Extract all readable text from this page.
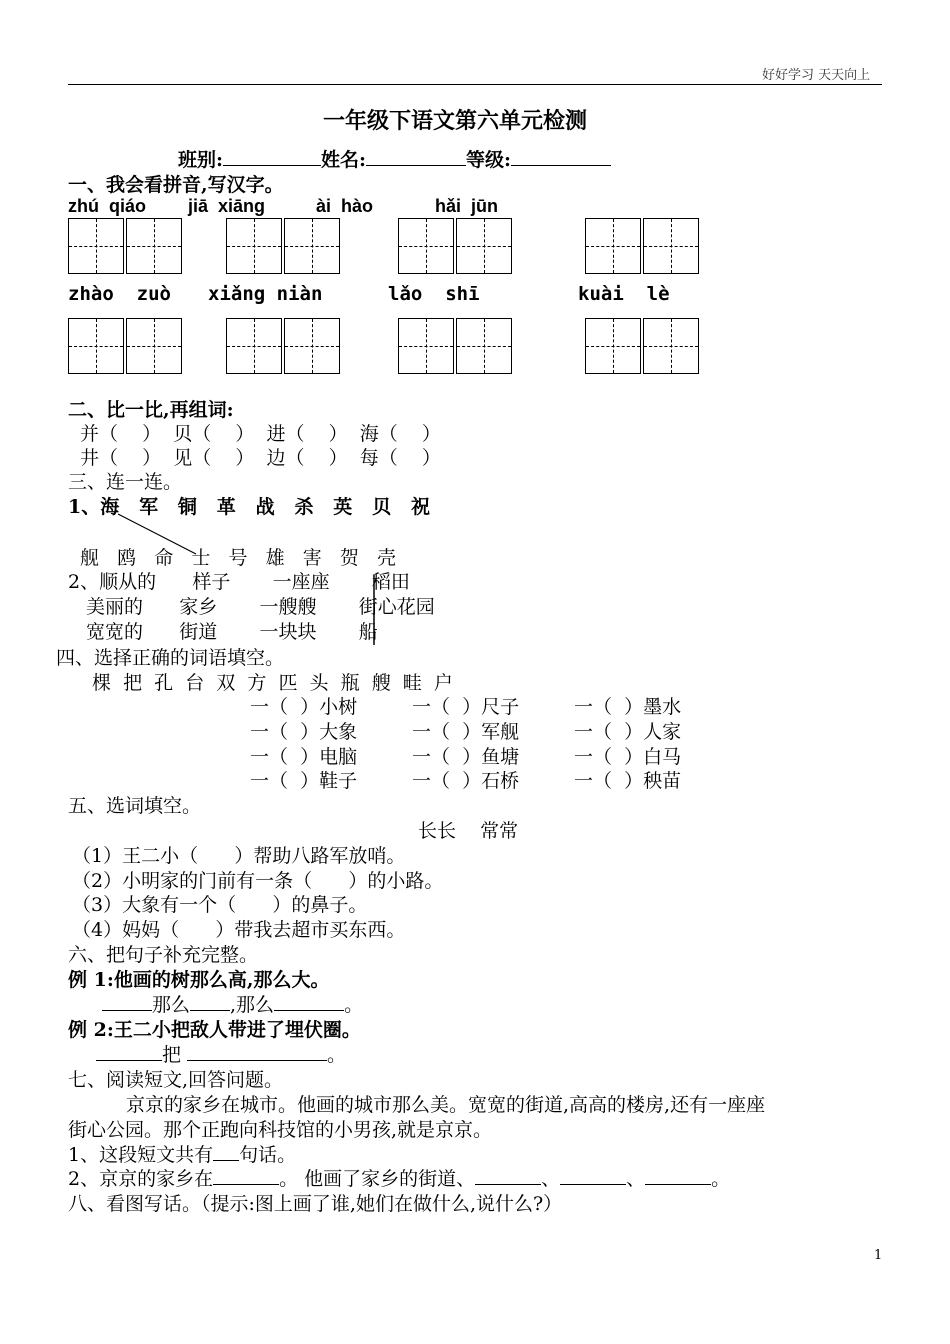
好好学习 天天向上
一年级下语文第六单元检测
班别:	姓名:	等级:
一、我会看拼音,写汉字。
zhú  qiáo jiā  xiāng	ài  hào	hǎi  jūn
zhào  zuò xiǎng niàn	lǎo  shī	kuài  lè
二、比一比,再组词:
并（    ）  贝（    ）  进（    ）  海（    ）
井（    ）  见（    ）  边（    ）  每（    ）
三、连一连。
1、海   军   铜   革   战   杀   英   贝   祝
舰   鸥   命   士   号   雄   害   贺   壳
2、顺从的      样子       一座座       稻田
美丽的      家乡       一艘艘       街心花园
宽宽的      街道       一块块       船
四、选择正确的词语填空。
棵  把  孔  台  双  方  匹  头  瓶  艘  畦  户
一（  ）小树	一（  ）尺子	一（  ）墨水
一（  ）大象	一（  ）军舰	一（  ）人家
一（  ）电脑	一（  ）鱼塘	一（  ）白马
一（  ）鞋子	一（  ）石桥	一（  ）秧苗
五、选词填空。
长长    常常
（1）王二小（      ）帮助八路军放哨。
（2）小明家的门前有一条（      ）的小路。
（3）大象有一个（      ）的鼻子。
（4）妈妈（      ）带我去超市买东西。
六、把句子补充完整。
例 1:他画的树那么高,那么大。
那么 ,那么	。
例 2:王二小把敌人带进了埋伏圈。
把	。
七、阅读短文,回答问题。
京京的家乡在城市。他画的城市那么美。宽宽的街道,高高的楼房,还有一座座
街心公园。那个正跑向科技馆的小男孩,就是京京。
1、这段短文共有 句话。
2、京京的家乡在	。 他画了家乡的街道、	、	、	。
八、看图写话。（提示:图上画了谁,她们在做什么,说什么?）
1
